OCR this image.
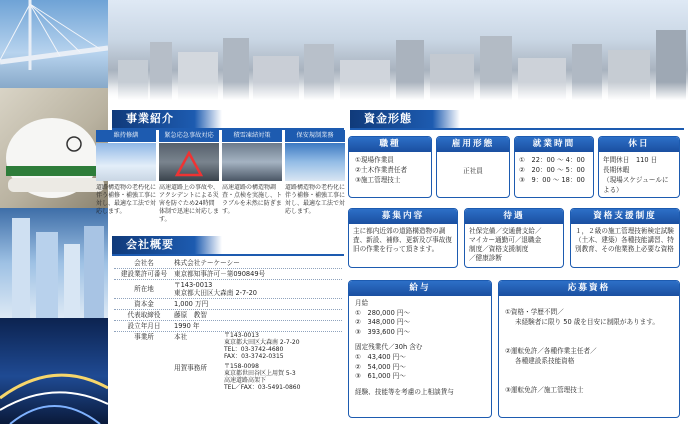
事業紹介
維持修繕
道路構造物の老朽化に伴う補修・補強工事に対し、最適な工法で対応します。
緊急応急事故対応
高速道路上の事故や、アクシデントによる災害を防ぐため24時間体制で迅速に対応します。
積雪凍結対策
高速道路の構造物調査・点検を実施し、トラブルを未然に防ぎます。
保安規制業務
道路構造物の老朽化に伴う補修・補強工事に対し、最適な工法で対応します。
会社概要
会社名	株式会社テーケーシー
建設業許可番号	東京都知事許可－第090849号
所在地	〒143-0013
東京都大田区大森南 2-7-20
資本金	1,000 万円
代表取締役	藤原　教智
設立年月日	1990 年
事業所	本社	〒143-0013
東京都大田区大森南 2-7-20
TEL：03-3742-4680
FAX：03-3742-0315
用賀事務所	〒158-0098
東京都世田谷区上用賀 5-3
高速道路高架下
TEL／FAX：03-5491-0860
資金形態
職種
①現場作業員
②土木作業責任者
③施工管理技士
雇用形態
正社員
就業時間
①　22：00 ～ 4：00
②　20：00 ～ 5：00
③　9：00 ～ 18：00
休日
年間休日　110 日
長期休暇
（現場スケジュールによる）
募集内容
主に都内近郊の道路構造物の調査、新設、補修、更新及び事故復旧の作業を行って頂きます。
待遇
社保完備／交通費支給／
マイカー通勤可／退職金
制度／資格支援制度
／健康診断
資格支援制度
１，２級の施工管理技術検定試験（土木、建築）各種技能講習、特別教育、その他業務上必要な資格
給与
月給
①　280,000 円～
②　348,000 円～
③　393,600 円～
固定残業代／30h 含む
①　43,400 円～
②　54,000 円～
③　61,000 円～
経験、技能等を考慮の上相談賃与
応募資格
①資格・学歴不問／
未経験者に限り 50 歳を目安に制限があります。
②運転免許／各種作業主任者／
各種建設系技能資格
③運転免許／施工管理技士
